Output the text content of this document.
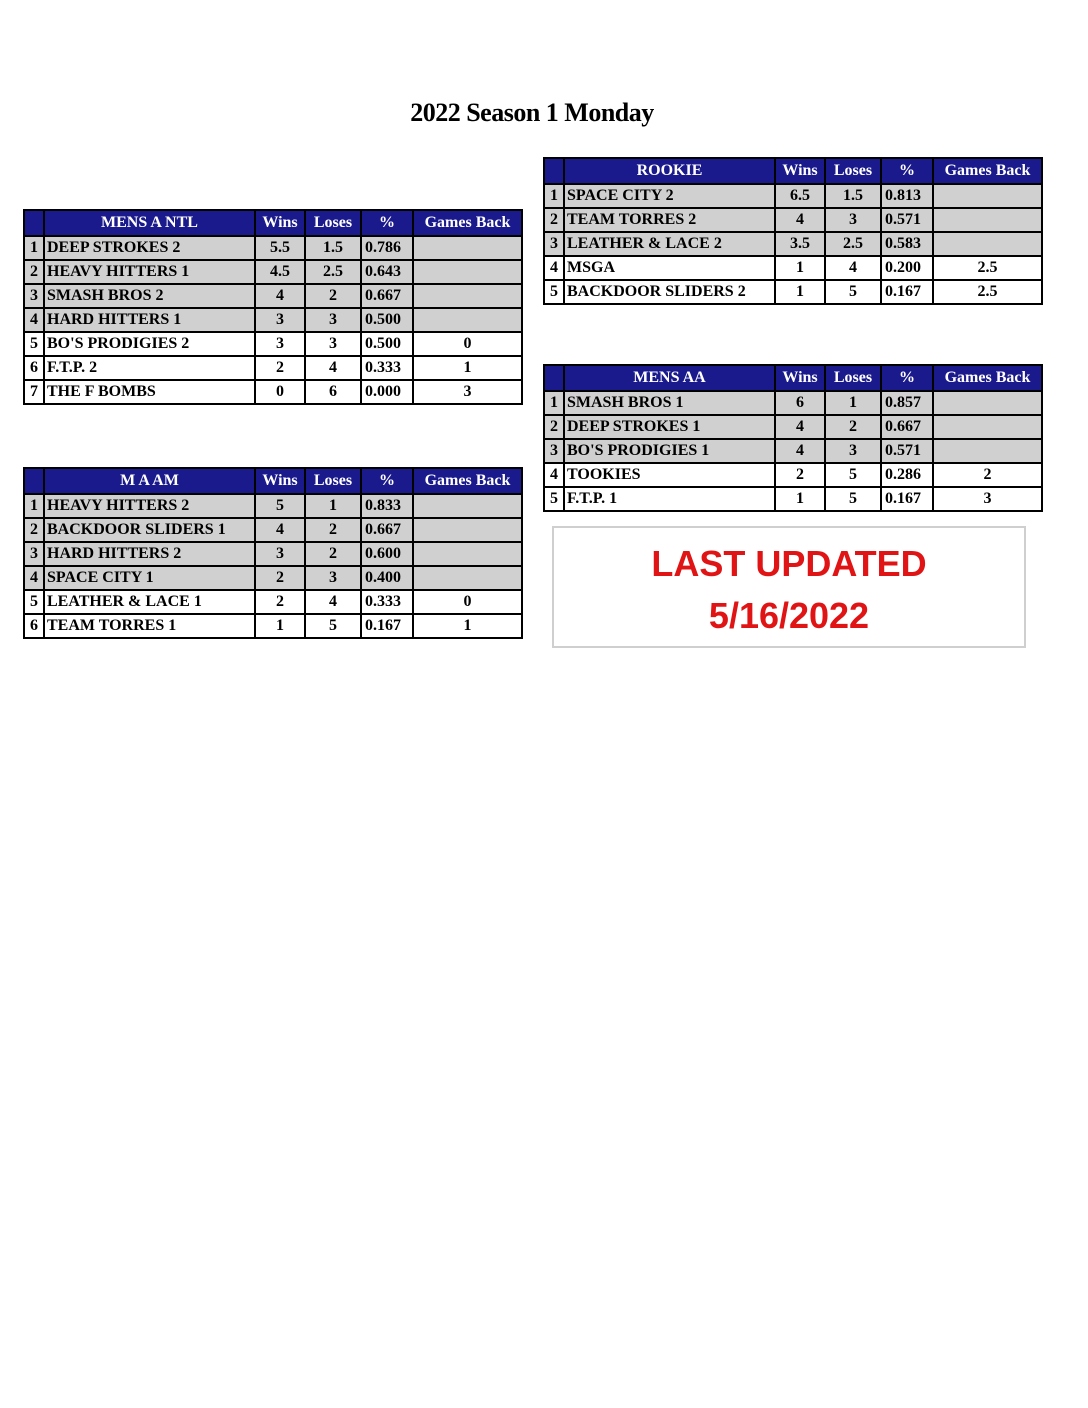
2022 Season 1 Monday
	MENS A NTL	Wins	Loses	%	Games Back
1	DEEP STROKES 2	5.5	1.5	0.786	
2	HEAVY HITTERS 1	4.5	2.5	0.643	
3	SMASH BROS 2	4	2	0.667	
4	HARD HITTERS 1	3	3	0.500	
5	BO'S PRODIGIES 2	3	3	0.500	0
6	F.T.P. 2	2	4	0.333	1
7	THE F BOMBS	0	6	0.000	3
	M A AM	Wins	Loses	%	Games Back
1	HEAVY HITTERS 2	5	1	0.833	
2	BACKDOOR SLIDERS 1	4	2	0.667	
3	HARD HITTERS 2	3	2	0.600	
4	SPACE CITY 1	2	3	0.400	
5	LEATHER & LACE 1	2	4	0.333	0
6	TEAM TORRES 1	1	5	0.167	1
	ROOKIE	Wins	Loses	%	Games Back
1	SPACE CITY 2	6.5	1.5	0.813	
2	TEAM TORRES 2	4	3	0.571	
3	LEATHER & LACE 2	3.5	2.5	0.583	
4	MSGA	1	4	0.200	2.5
5	BACKDOOR SLIDERS 2	1	5	0.167	2.5
	MENS AA	Wins	Loses	%	Games Back
1	SMASH BROS 1	6	1	0.857	
2	DEEP STROKES 1	4	2	0.667	
3	BO'S PRODIGIES 1	4	3	0.571	
4	TOOKIES	2	5	0.286	2
5	F.T.P. 1	1	5	0.167	3
LAST UPDATED
5/16/2022
